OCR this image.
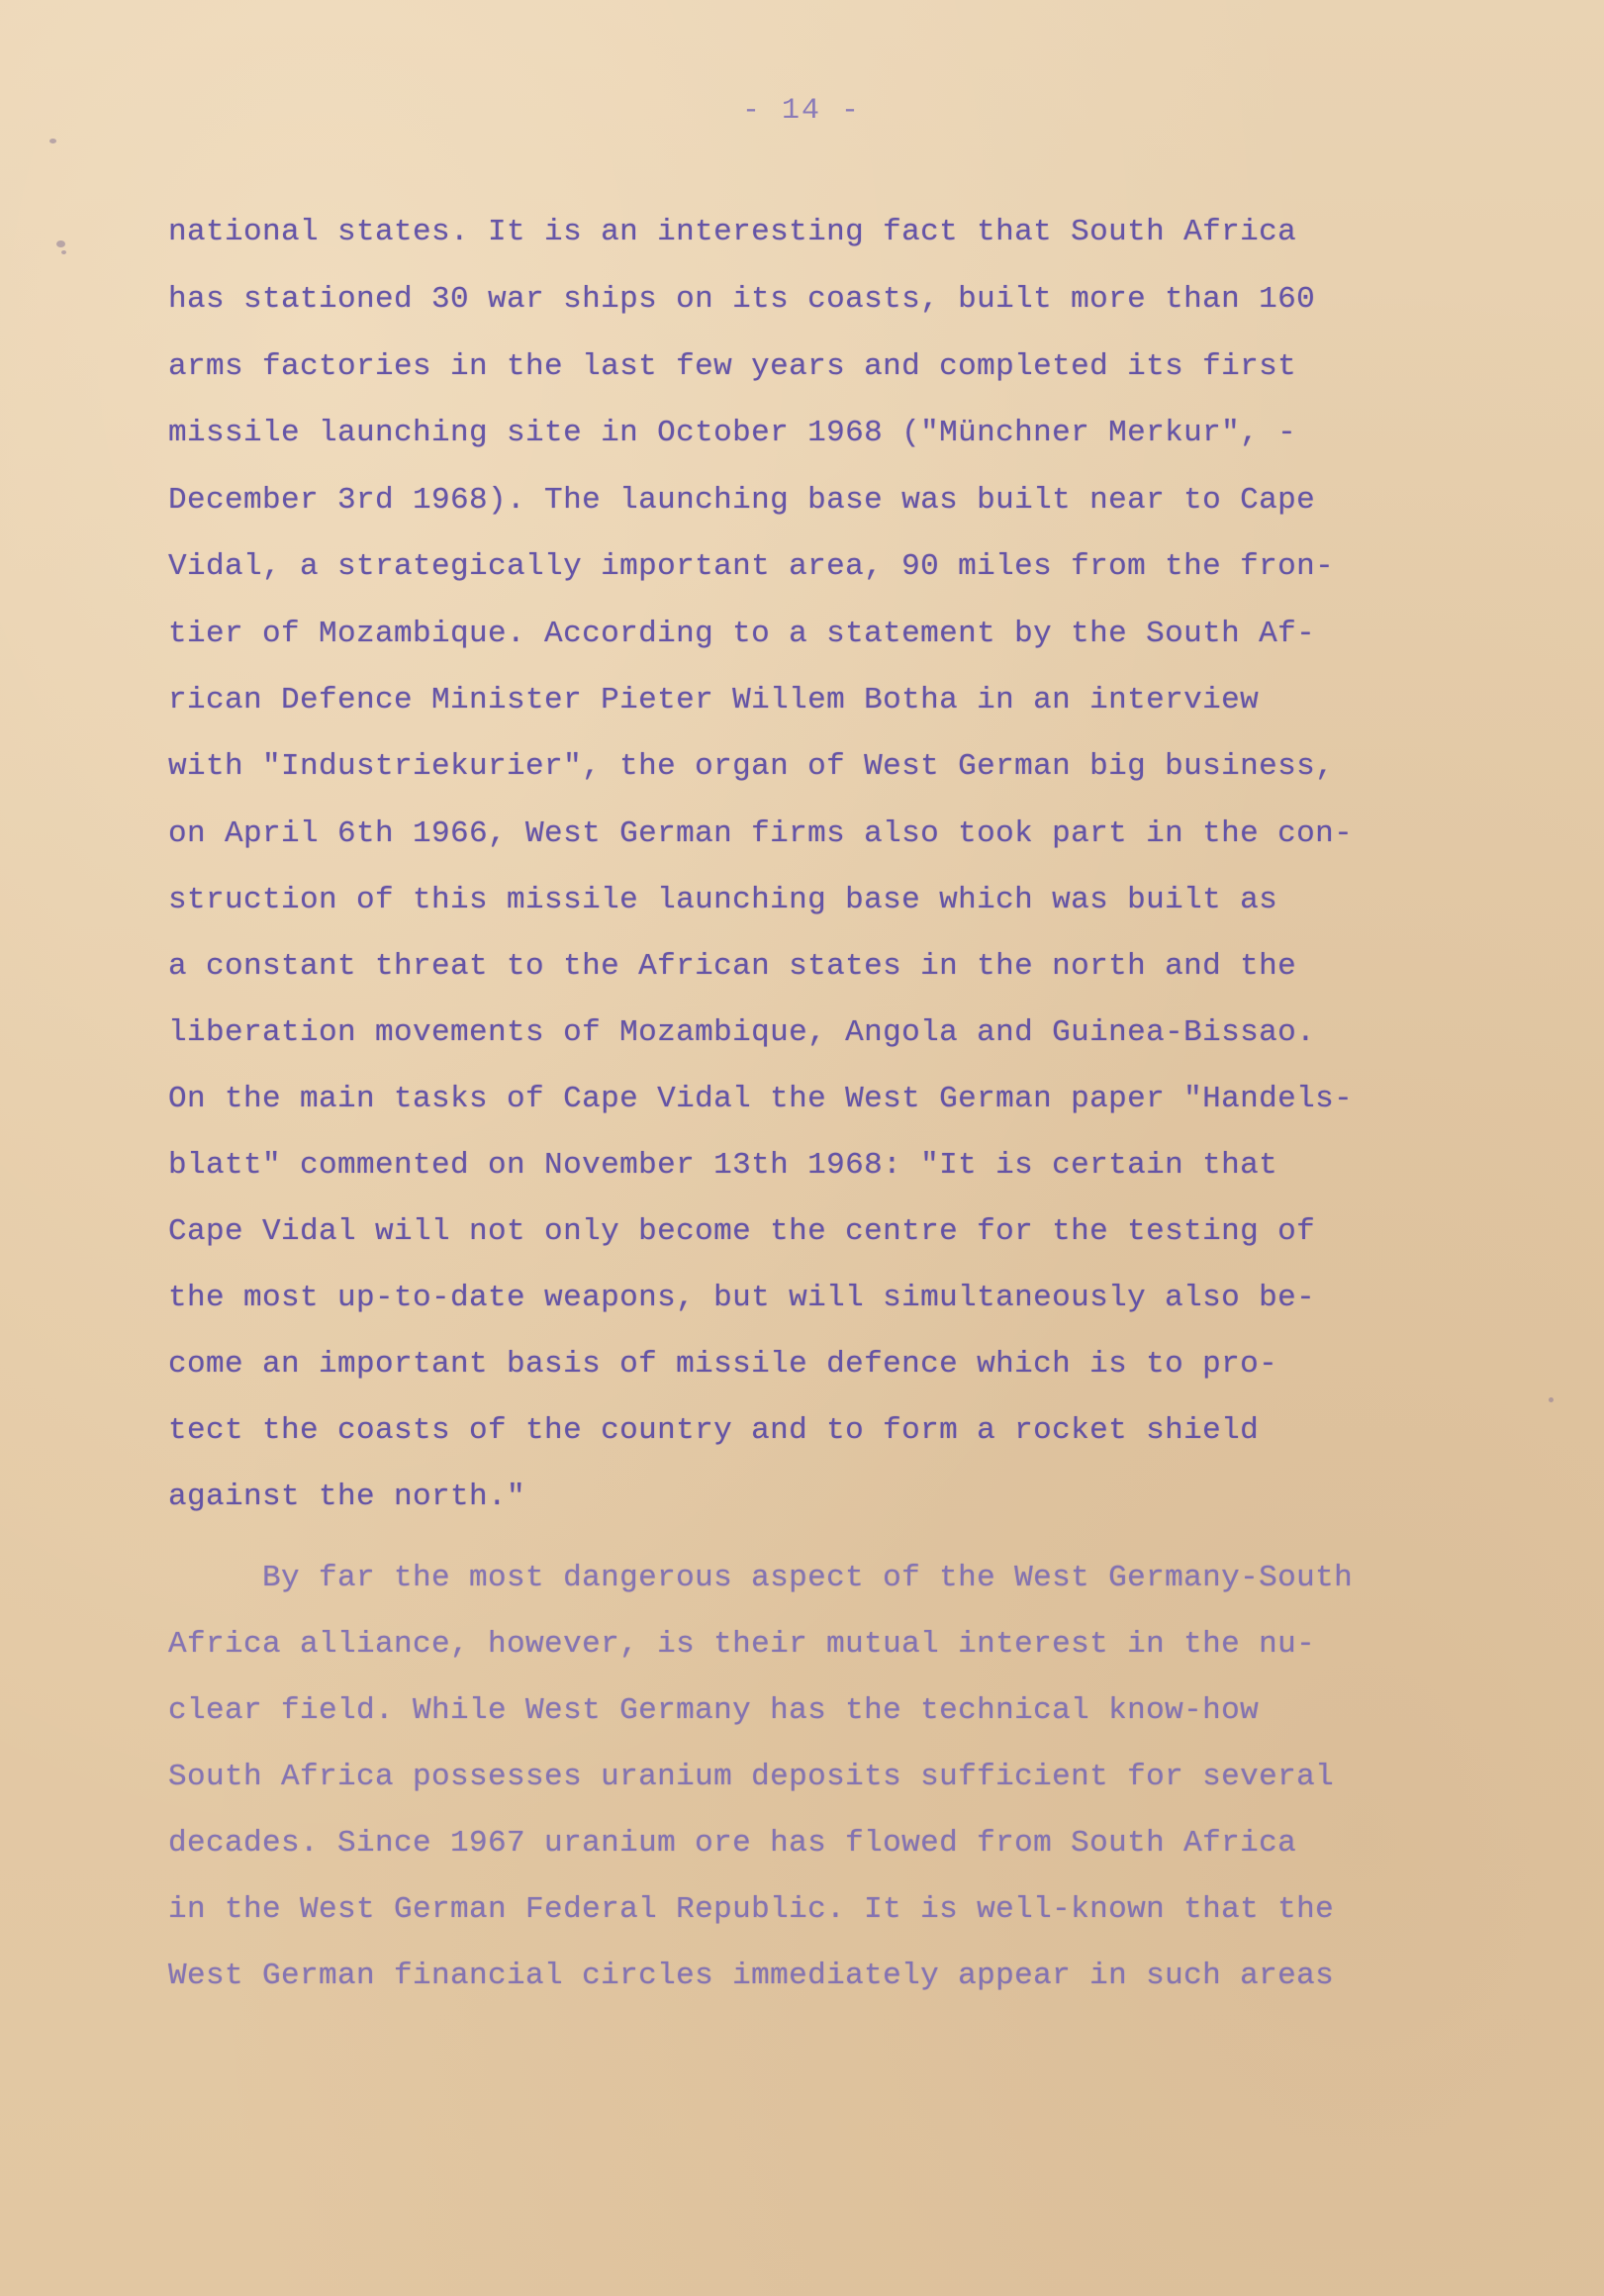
- 14 -
national states. It is an interesting fact that South Africa
has stationed 30 war ships on its coasts, built more than 160
arms factories in the last few years and completed its first
missile launching site in October 1968 ("Münchner Merkur", -
December 3rd 1968). The launching base was built near to Cape
Vidal, a strategically important area, 90 miles from the fron-
tier of Mozambique. According to a statement by the South Af-
rican Defence Minister Pieter Willem Botha in an interview
with "Industriekurier", the organ of West German big business,
on April 6th 1966, West German firms also took part in the con-
struction of this missile launching base which was built as
a constant threat to the African states in the north and the
liberation movements of Mozambique, Angola and Guinea-Bissao.
On the main tasks of Cape Vidal the West German paper "Handels-
blatt" commented on November 13th 1968: "It is certain that
Cape Vidal will not only become the centre for the testing of
the most up-to-date weapons, but will simultaneously also be-
come an important basis of missile defence which is to pro-
tect the coasts of the country and to form a rocket shield
against the north."
By far the most dangerous aspect of the West Germany-South
Africa alliance, however, is their mutual interest in the nu-
clear field. While West Germany has the technical know-how
South Africa possesses uranium deposits sufficient for several
decades. Since 1967 uranium ore has flowed from South Africa
in the West German Federal Republic. It is well-known that the
West German financial circles immediately appear in such areas
